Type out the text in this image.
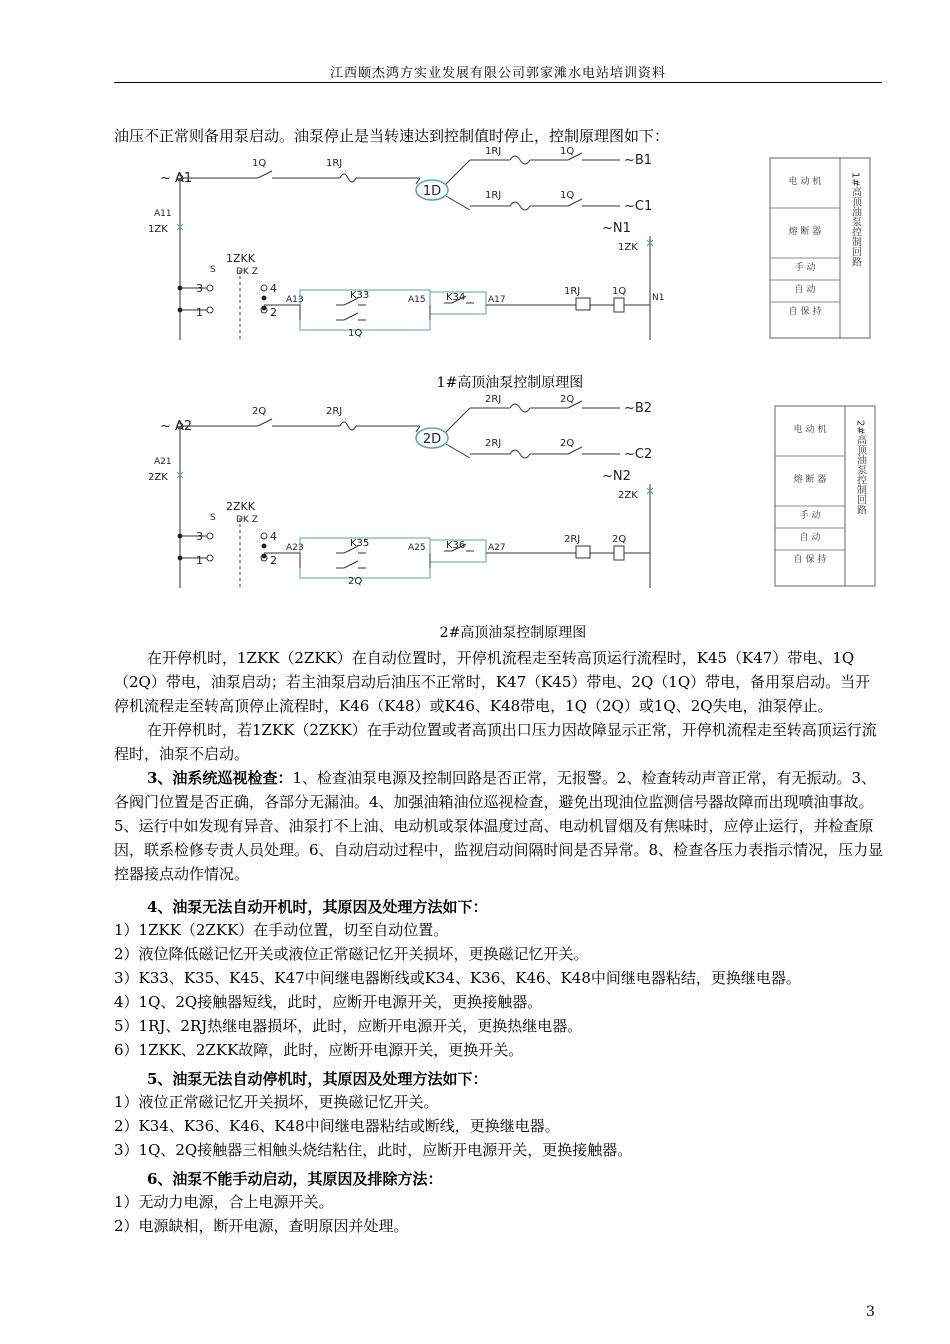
江西颐杰鸿方实业发展有限公司郭家滩水电站培训资料
油压不正常则备用泵启动。油泵停止是当转速达到控制值时停止，控制原理图如下：
~ A1
1Q	1RJ
1D
1RJ	1Q
~B1
1RJ	1Q
~C1
~N1
A11
1ZK
1ZK
1ZKK
S DK Z
3
1
4
2
A13	K33
1Q
A15 K34	A17
1RJ	1Q
N1
电 动 机
熔 断 器
手 动
自 动
自 保 持
1#高顶油泵控制回路
1#高顶油泵控制原理图
~ A2
2Q	2RJ
2D
2RJ	2Q
~B2
2RJ	2Q
~C2
~N2
A21
2ZK
2ZK
2ZKK
S DK Z
3
1
4
2
A23	K35
2Q
A25 K36	A27
2RJ	2Q
电 动 机
熔 断 器
手 动
自 动
自 保 持
2#高顶油泵控制回路
2#高顶油泵控制原理图

在开停机时，1ZKK（2ZKK）在自动位置时，开停机流程走至转高顶运行流程时，K45（K47）带电、1Q（2Q）带电，油泵启动；若主油泵启动后油压不正常时，K47（K45）带电、2Q（1Q）带电，备用泵启动。当开停机流程走至转高顶停止流程时，K46（K48）或K46、K48带电，1Q（2Q）或1Q、2Q失电，油泵停止。

在开停机时，若1ZKK（2ZKK）在手动位置或者高顶出口压力因故障显示正常，开停机流程走至转高顶运行流程时，油泵不启动。

3、油系统巡视检查：1、检查油泵电源及控制回路是否正常，无报警。2、检查转动声音正常，有无振动。3、各阀门位置是否正确，各部分无漏油。4、加强油箱油位巡视检查，避免出现油位监测信号器故障而出现喷油事故。5、运行中如发现有异音、油泵打不上油、电动机或泵体温度过高、电动机冒烟及有焦味时，应停止运行，并检查原因，联系检修专责人员处理。6、自动启动过程中，监视启动间隔时间是否异常。8、检查各压力表指示情况，压力显控器接点动作情况。

4、油泵无法自动开机时，其原因及处理方法如下：
1）1ZKK（2ZKK）在手动位置，切至自动位置。
2）液位降低磁记忆开关或液位正常磁记忆开关损坏，更换磁记忆开关。
3）K33、K35、K45、K47中间继电器断线或K34、K36、K46、K48中间继电器粘结，更换继电器。
4）1Q、2Q接触器短线，此时，应断开电源开关，更换接触器。
5）1RJ、2RJ热继电器损坏，此时，应断开电源开关，更换热继电器。
6）1ZKK、2ZKK故障，此时，应断开电源开关，更换开关。
5、油泵无法自动停机时，其原因及处理方法如下：
1）液位正常磁记忆开关损坏，更换磁记忆开关。
2）K34、K36、K46、K48中间继电器粘结或断线，更换继电器。
3）1Q、2Q接触器三相触头烧结粘住，此时，应断开电源开关，更换接触器。
6、油泵不能手动启动，其原因及排除方法：
1）无动力电源，合上电源开关。
2）电源缺相，断开电源，查明原因并处理。
3
